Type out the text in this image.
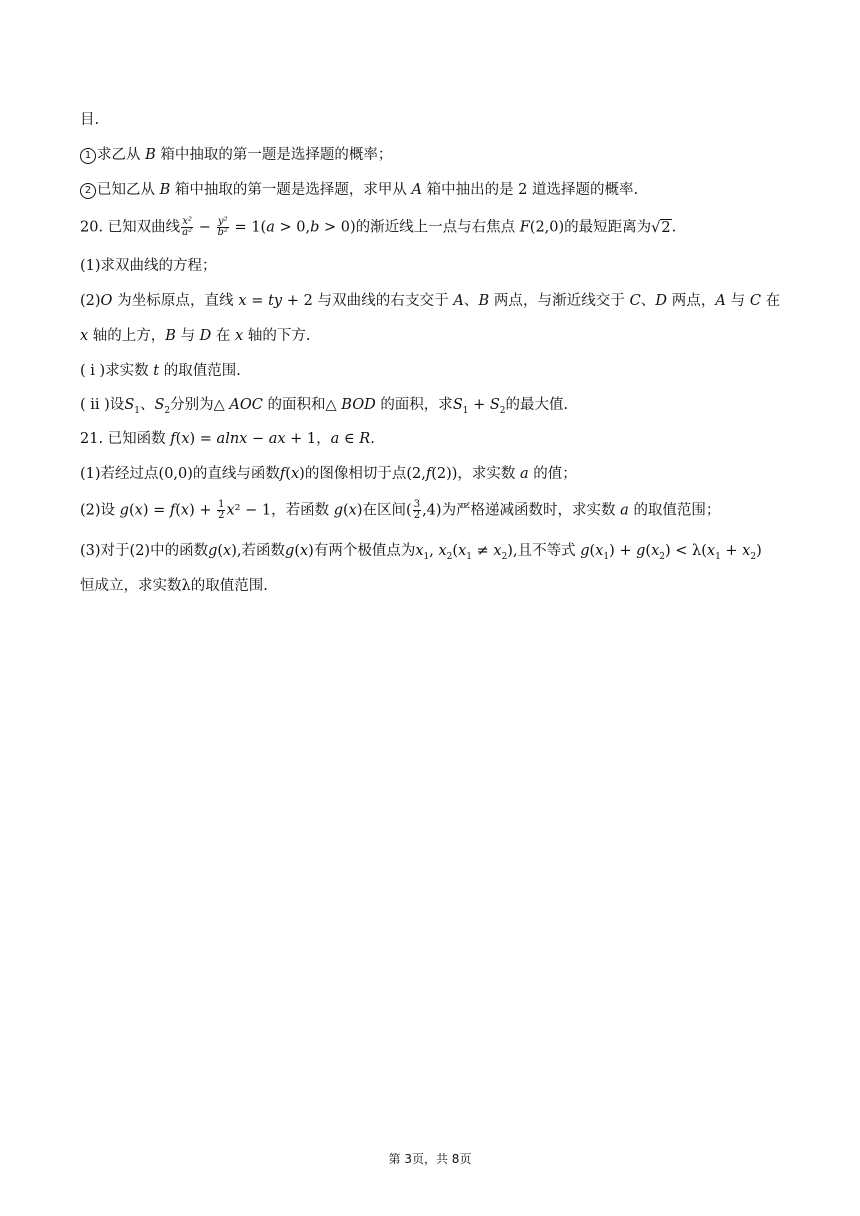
目.
1 求乙从 B 箱中抽取的第一题是选择题的概率；
2 已知乙从 B 箱中抽取的第一题是选择题，求甲从 A 箱中抽出的是 2 道选择题的概率.
20. 已知双曲线 $\frac{\text{x²}}{\text{a²}} - \frac{\text{y²}}{\text{b²}} = 1(a > 0,b > 0)$的渐近线上一点与右焦点 F(2,0)的最短距离为√2.
(1)求双曲线的方程；
(2)O 为坐标原点，直线 x = ty + 2 与双曲线的右支交于 A、B 两点，与渐近线交于 C、D 两点，A 与 C 在
x 轴的上方，B 与 D 在 x 轴的下方.
( ⅰ )求实数 t 的取值范围.
( ⅱ )设$S_1$、$S_2$分别为△ AOC 的面积和△ BOD 的面积，求$S_1 + S_2$的最大值.
21. 已知函数 f(x) = alnx − ax + 1，a ∈ R.
(1)若经过点(0,0)的直线与函数f(x)的图像相切于点(2,f(2))，求实数 a 的值；
(2)设 $g(x) = f(x) + \frac{1}{2} x^2 - 1$，若函数 g(x)在区间( $\frac{3}{2} ,4$)为严格递减函数时，求实数 a 的取值范围；
(3)对于(2)中的函数g(x),若函数g(x)有两个极值点为$x_1$, $x_2(x_1 \ne x_2)$,且不等式 $g(x_1) + g(x_2) < \lambda(x_1 + x_2)$
恒成立，求实数λ的取值范围.
第 3页，共 8页
